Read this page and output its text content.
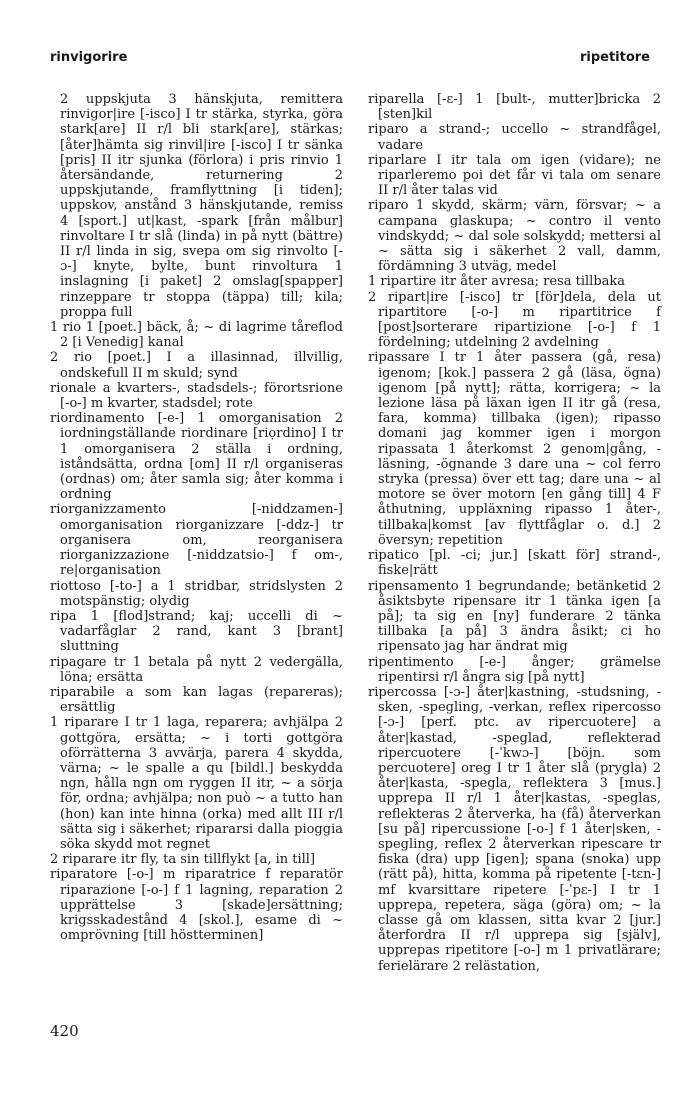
rinvigorire	ripetitore

2 uppskjuta 3 hänskjuta, remittera rinvigor|ire [-isco] I tr stärka, styrka, göra stark[are] II r/l bli stark[are], stärkas; [åter]hämta sig rinvil|ire [-isco] I tr sänka [pris] II itr sjunka (förlora) i pris rinvio 1 återsändande, returnering 2 uppskjutande, framflyttning [i tiden]; uppskov, anstånd 3 hänskjutande, remiss 4 [sport.] ut|kast, -spark [från målbur] rinvoltare I tr slå (linda) in på nytt (bättre) II r/l linda in sig, svepa om sig rinvolto [-ɔ-] knyte, bylte, bunt rinvoltura 1 inslagning [i paket] 2 omslag[spapper] rinzeppare tr stoppa (täppa) till; kila; proppa full

1 rio 1 [poet.] bäck, å; ~ di lagrime tåreflod 2 [i Venedig] kanal

2 rio [poet.] I a illasinnad, illvillig, ondskefull II m skuld; synd

rionale a kvarters-, stadsdels-; förortsrione [-o-] m kvarter, stadsdel; rote

riordinamento [-e-] 1 omorganisation 2 iordningställande riordinare [riọrdino] I tr 1 omorganisera 2 ställa i ordning, iståndsätta, ordna [om] II r/l organiseras (ordnas) om; åter samla sig; åter komma i ordning

riorganizzamento [-niddzamen-] omorganisation riorganizzare [-ddz-] tr organisera om, reorganisera riorganizzazione [-niddzatsio-] f om-, re|organisation

riottoso [-to-] a 1 stridbar, stridslysten 2 motspänstig; olydig

ripa 1 [flod]strand; kaj; uccelli di ~ vadarfåglar 2 rand, kant 3 [brant] sluttning

ripagare tr 1 betala på nytt 2 vedergälla, löna; ersätta

riparabile a som kan lagas (repareras); ersättlig

1 riparare I tr 1 laga, reparera; avhjälpa 2 gottgöra, ersätta; ~ i torti gottgöra oförrätterna 3 avvärja, parera 4 skydda, värna; ~ le spalle a qu [bildl.] beskydda ngn, hålla ngn om ryggen II itr, ~ a sörja för, ordna; avhjälpa; non può ~ a tutto han (hon) kan inte hinna (orka) med allt III r/l sätta sig i säkerhet; ripararsi dalla pioggia söka skydd mot regnet

2 riparare itr fly, ta sin tillflykt [a, in till]

riparatore [-o-] m riparatrice f reparatör riparazione [-o-] f 1 lagning, reparation 2 upprättelse 3 [skade]ersättning; krigsskadestånd 4 [skol.], esame di ~ omprövning [till höstterminen]

riparella [-ɛ-] 1 [bult-, mutter]bricka 2 [sten]kil

riparo a strand-; uccello ~ strandfågel, vadare

riparlare I itr tala om igen (vidare); ne riparleremo poi det får vi tala om senare II r/l åter talas vid

riparo 1 skydd, skärm; värn, försvar; ~ a campana glaskupa; ~ contro il vento vindskydd; ~ dal sole solskydd; mettersi al ~ sätta sig i säkerhet 2 vall, damm, fördämning 3 utväg, medel

1 ripartire itr åter avresa; resa tillbaka

2 ripart|ire [-isco] tr [för]dela, dela ut ripartitore [-o-] m ripartitrice f [post]sorterare ripartizione [-o-] f 1 fördelning; utdelning 2 avdelning

ripassare I tr 1 åter passera (gå, resa) igenom; [kok.] passera 2 gå (läsa, ögna) igenom [på nytt]; rätta, korrigera; ~ la lezione läsa på läxan igen II itr gå (resa, fara, komma) tillbaka (igen); ripasso domani jag kommer igen i morgon ripassata 1 återkomst 2 genom|gång, -läsning, -ögnande 3 dare una ~ col ferro stryka (pressa) över ett tag; dare una ~ al motore se över motorn [en gång till] 4 F åthutning, uppläxning ripasso 1 åter-, tillbaka|komst [av flyttfåglar o. d.] 2 översyn; repetition

ripatico [pl. -ci; jur.] [skatt för] strand-, fiske|rätt

ripensamento 1 begrundande; betänketid 2 åsiktsbyte ripensare itr 1 tänka igen [a på]; ta sig en [ny] funderare 2 tänka tillbaka [a på] 3 ändra åsikt; ci ho ripensato jag har ändrat mig

ripentimento [-e-] ånger; grämelse ripentirsi r/l ångra sig [på nytt]

ripercossa [-ɔ-] åter|kastning, -studsning, -sken, -spegling, -verkan, reflex ripercosso [-ɔ-] [perf. ptc. av ripercuotere] a åter|kastad, -speglad, reflekterad ripercuotere [-ˈkwɔ-] [böjn. som percuotere] oreg I tr 1 åter slå (prygla) 2 åter|kasta, -spegla, reflektera 3 [mus.] upprepa II r/l 1 åter|kastas, -speglas, reflekteras 2 återverka, ha (få) återverkan [su på] ripercussione [-o-] f 1 åter|sken, -spegling, reflex 2 återverkan ripescare tr fiska (dra) upp [igen]; spana (snoka) upp (rätt på), hitta, komma på ripetente [-tɛn-] mf kvarsittare ripetere [-ˈpɛ-] I tr 1 upprepa, repetera, säga (göra) om; ~ la classe gå om klassen, sitta kvar 2 [jur.] återfordra II r/l upprepa sig [själv], upprepas ripetitore [-o-] m 1 privatlärare; ferielärare 2 relästation,

420
